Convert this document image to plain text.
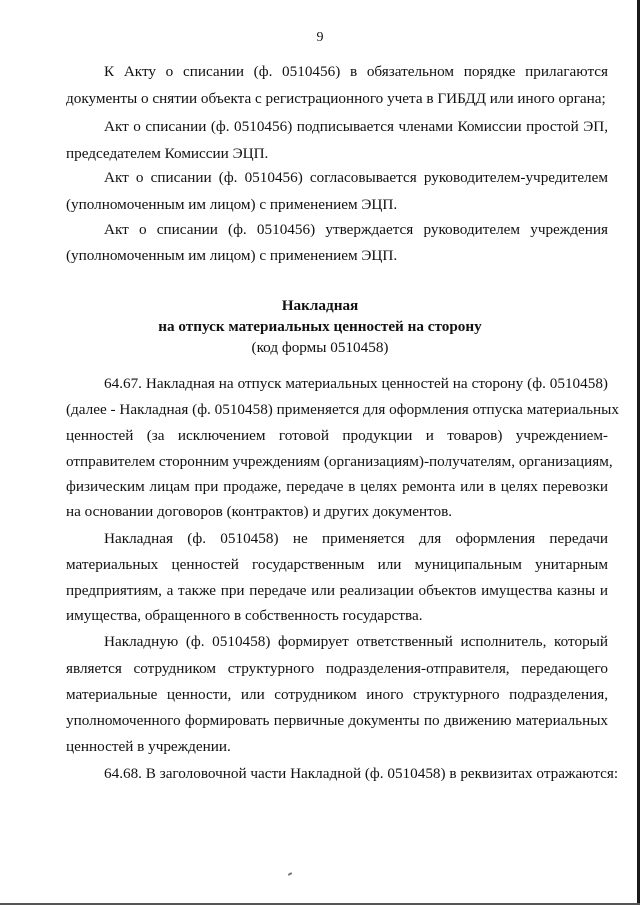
9
К Акту о списании (ф. 0510456) в обязательном порядке прилагаются
документы о снятии объекта с регистрационного учета в ГИБДД или иного органа;
Акт о списании (ф. 0510456) подписывается членами Комиссии простой ЭП,
председателем Комиссии ЭЦП.
Акт о списании (ф. 0510456) согласовывается руководителем-учредителем
(уполномоченным им лицом) с применением ЭЦП.
Акт о списании (ф. 0510456) утверждается руководителем учреждения
(уполномоченным им лицом) с применением ЭЦП.
Накладная
на отпуск материальных ценностей на сторону
(код формы 0510458)
64.67. Накладная на отпуск материальных ценностей на сторону (ф. 0510458)
(далее - Накладная (ф. 0510458) применяется для оформления отпуска материальных
ценностей (за исключением готовой продукции и товаров) учреждением-
отправителем сторонним учреждениям (организациям)-получателям, организациям,
физическим лицам при продаже, передаче в целях ремонта или в целях перевозки
на основании договоров (контрактов) и других документов.
Накладная (ф. 0510458) не применяется для оформления передачи
материальных ценностей государственным или муниципальным унитарным
предприятиям, а также при передаче или реализации объектов имущества казны и
имущества, обращенного в собственность государства.
Накладную (ф. 0510458) формирует ответственный исполнитель, который
является сотрудником структурного подразделения-отправителя, передающего
материальные ценности, или сотрудником иного структурного подразделения,
уполномоченного формировать первичные документы по движению материальных
ценностей в учреждении.
64.68. В заголовочной части Накладной (ф. 0510458) в реквизитах отражаются:
